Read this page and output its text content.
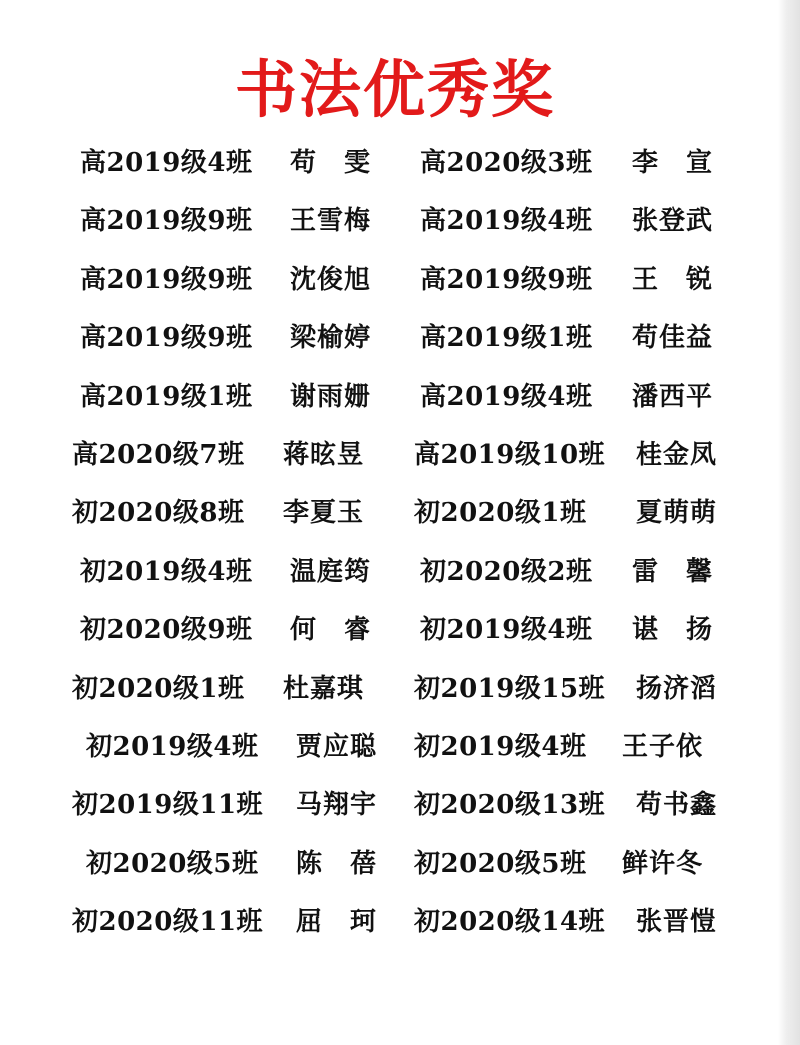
书法优秀奖
高2019级4班 苟　雯 高2020级3班 李　宣
高2019级9班 王雪梅 高2019级4班 张登武
高2019级9班 沈俊旭 高2019级9班 王　锐
高2019级9班 梁榆婷 高2019级1班 苟佳益
高2019级1班 谢雨姗 高2019级4班 潘西平
高2020级7班 蒋昡昱 高2019级10班 桂金凤
初2020级8班 李夏玉 初2020级1班 夏萌萌
初2019级4班 温庭筠 初2020级2班 雷　馨
初2020级9班 何　睿 初2019级4班 谌　扬
初2020级1班 杜嘉琪 初2019级15班 扬济滔
初2019级4班 贾应聪 初2019级4班 王子依
初2019级11班 马翔宇 初2020级13班 苟书鑫
初2020级5班 陈　蓓 初2020级5班 鲜许冬
初2020级11班 屈　珂 初2020级14班 张晋愷
